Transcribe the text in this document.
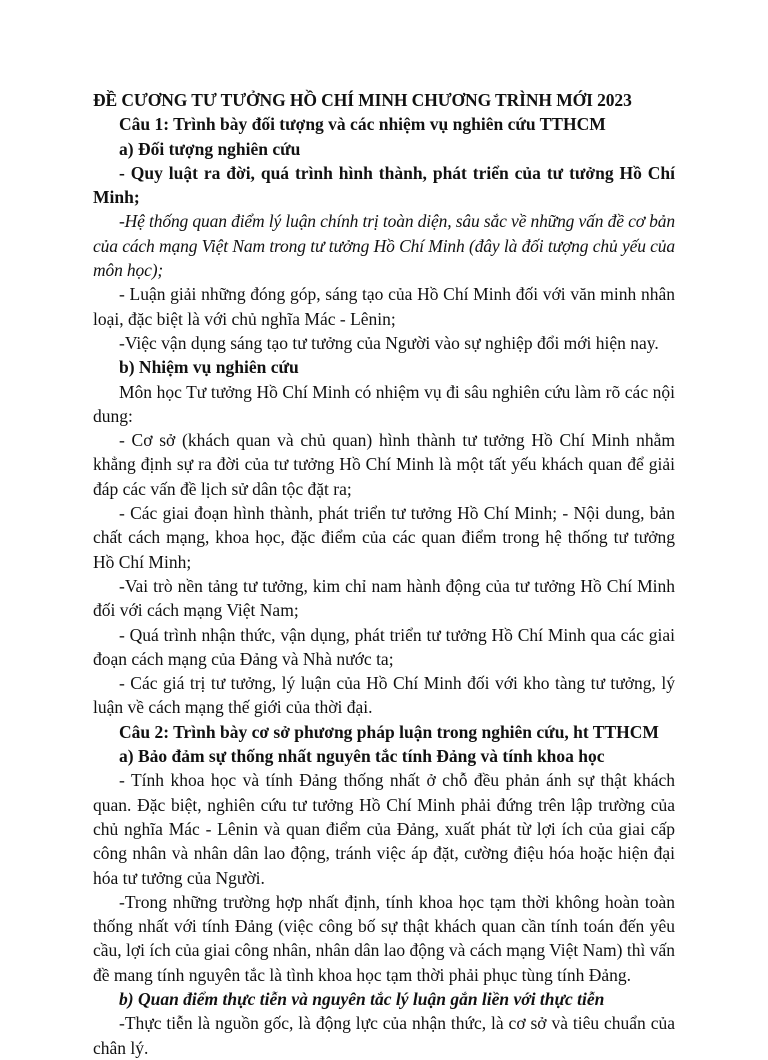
ĐỀ CƯƠNG TƯ TƯỞNG HỒ CHÍ MINH CHƯƠNG TRÌNH MỚI 2023
Câu 1: Trình bày đối tượng và các nhiệm vụ nghiên cứu TTHCM
a) Đối tượng nghiên cứu
- Quy luật ra đời, quá trình hình thành, phát triển của tư tưởng Hồ Chí Minh;
-Hệ thống quan điểm lý luận chính trị toàn diện, sâu sắc về những vấn đề cơ bản của cách mạng Việt Nam trong tư tưởng Hồ Chí Minh (đây là đối tượng chủ yếu của môn học);
- Luận giải những đóng góp, sáng tạo của Hồ Chí Minh đối với văn minh nhân loại, đặc biệt là với chủ nghĩa Mác - Lênin;
-Việc vận dụng sáng tạo tư tưởng của Người vào sự nghiệp đổi mới hiện nay.
b) Nhiệm vụ nghiên cứu
Môn học Tư tưởng Hồ Chí Minh có nhiệm vụ đi sâu nghiên cứu làm rõ các nội dung:
- Cơ sở (khách quan và chủ quan) hình thành tư tưởng Hồ Chí Minh nhằm khẳng định sự ra đời của tư tưởng Hồ Chí Minh là một tất yếu khách quan để giải đáp các vấn đề lịch sử dân tộc đặt ra;
- Các giai đoạn hình thành, phát triển tư tưởng Hồ Chí Minh; - Nội dung, bản chất cách mạng, khoa học, đặc điểm của các quan điểm trong hệ thống tư tưởng Hồ Chí Minh;
-Vai trò nền tảng tư tưởng, kim chỉ nam hành động của tư tưởng Hồ Chí Minh đối với cách mạng Việt Nam;
- Quá trình nhận thức, vận dụng, phát triển tư tưởng Hồ Chí Minh qua các giai đoạn cách mạng của Đảng và Nhà nước ta;
- Các giá trị tư tưởng, lý luận của Hồ Chí Minh đối với kho tàng tư tưởng, lý luận về cách mạng thế giới của thời đại.
Câu 2: Trình bày cơ sở phương pháp luận trong nghiên cứu, ht TTHCM
a) Bảo đảm sự thống nhất nguyên tắc tính Đảng và tính khoa học
- Tính khoa học và tính Đảng thống nhất ở chỗ đều phản ánh sự thật khách quan. Đặc biệt, nghiên cứu tư tưởng Hồ Chí Minh phải đứng trên lập trường của chủ nghĩa Mác - Lênin và quan điểm của Đảng, xuất phát từ lợi ích của giai cấp công nhân và nhân dân lao động, tránh việc áp đặt, cường điệu hóa hoặc hiện đại hóa tư tưởng của Người.
-Trong những trường hợp nhất định, tính khoa học tạm thời không hoàn toàn thống nhất với tính Đảng (việc công bố sự thật khách quan cần tính toán đến yêu cầu, lợi ích của giai công nhân, nhân dân lao động và cách mạng Việt Nam) thì vấn đề mang tính nguyên tắc là tình khoa học tạm thời phải phục tùng tính Đảng.
b) Quan điểm thực tiễn và nguyên tắc lý luận gắn liền với thực tiễn
-Thực tiễn là nguồn gốc, là động lực của nhận thức, là cơ sở và tiêu chuẩn của chân lý.
